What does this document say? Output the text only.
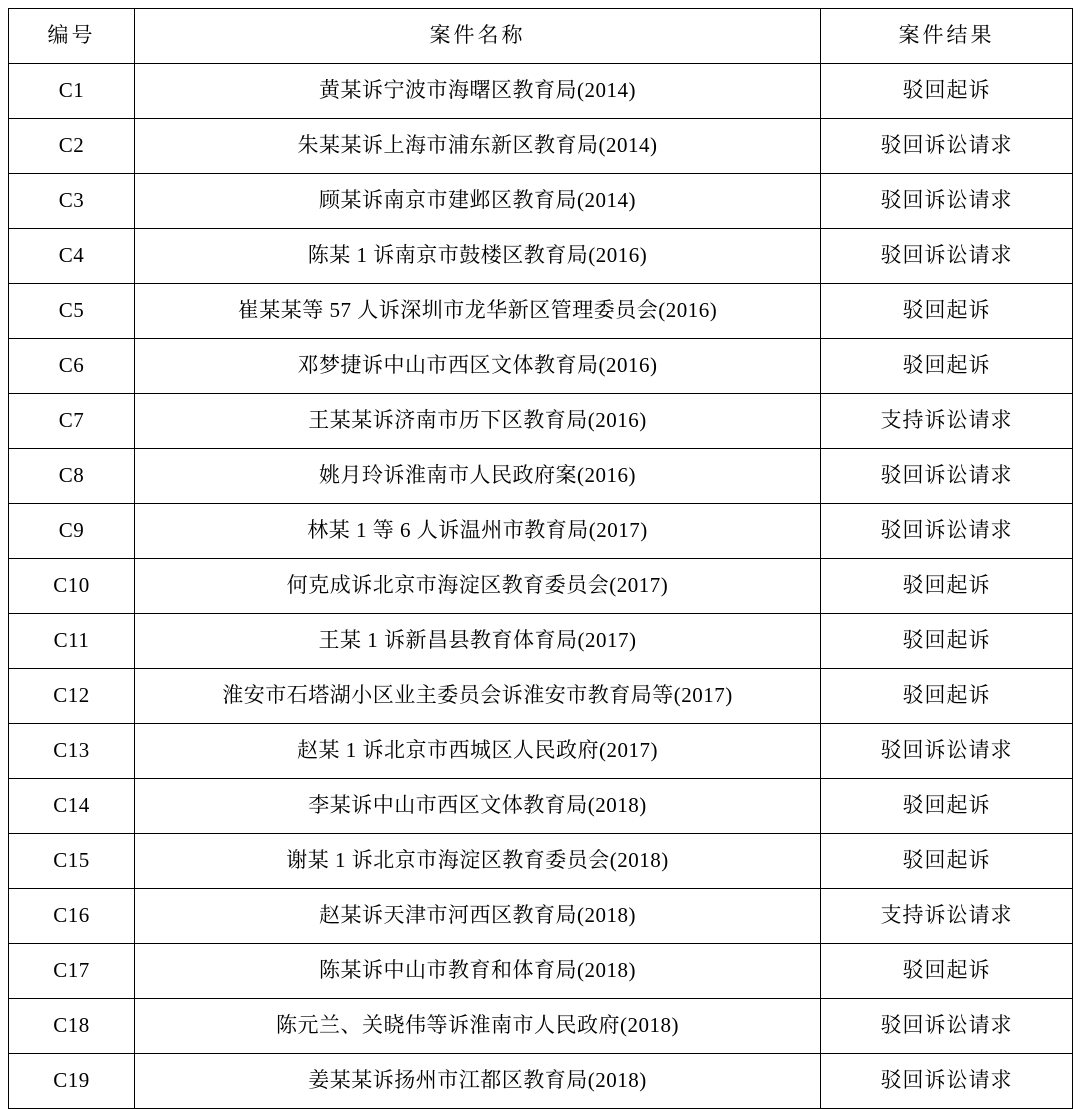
编号	案件名称	案件结果
C1	黄某诉宁波市海曙区教育局(2014)	驳回起诉
C2	朱某某诉上海市浦东新区教育局(2014)	驳回诉讼请求
C3	顾某诉南京市建邺区教育局(2014)	驳回诉讼请求
C4	陈某 1 诉南京市鼓楼区教育局(2016)	驳回诉讼请求
C5	崔某某等 57 人诉深圳市龙华新区管理委员会(2016)	驳回起诉
C6	邓梦捷诉中山市西区文体教育局(2016)	驳回起诉
C7	王某某诉济南市历下区教育局(2016)	支持诉讼请求
C8	姚月玲诉淮南市人民政府案(2016)	驳回诉讼请求
C9	林某 1 等 6 人诉温州市教育局(2017)	驳回诉讼请求
C10	何克成诉北京市海淀区教育委员会(2017)	驳回起诉
C11	王某 1 诉新昌县教育体育局(2017)	驳回起诉
C12	淮安市石塔湖小区业主委员会诉淮安市教育局等(2017)	驳回起诉
C13	赵某 1 诉北京市西城区人民政府(2017)	驳回诉讼请求
C14	李某诉中山市西区文体教育局(2018)	驳回起诉
C15	谢某 1 诉北京市海淀区教育委员会(2018)	驳回起诉
C16	赵某诉天津市河西区教育局(2018)	支持诉讼请求
C17	陈某诉中山市教育和体育局(2018)	驳回起诉
C18	陈元兰、关晓伟等诉淮南市人民政府(2018)	驳回诉讼请求
C19	姜某某诉扬州市江都区教育局(2018)	驳回诉讼请求
